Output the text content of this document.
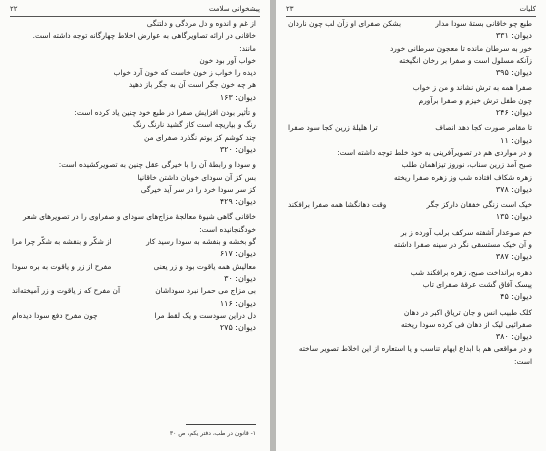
۲۲	پیشخوانی سلامت
از غم و اندوه و دل مردگی و دلتنگی
خاقانی در ارائه تصاویرگاهی به عوارض اخلاط چهارگانه توجه داشته است.
مانند:
خواب آور بود خون
دیده را خواب ز خون خاست که خون آرد خواب
هر چه خون جگر است آن به جگر باز دهید
دیوان: ۱۶۳
و تأثیر بودن افزایش صفرا در طبع خود چنین یاد کرده است:
رنگ و بیاریچه است کاز گشید نارنگ رنگ
چند کوشم کز بوتم نگذرد صفرای من
دیوان: ۳۲۰
و سودا و رابطهٔ آن را با خیرگی عقل چنین به تصویرکشیده است:
بس کز آن سودای خوبان داشتن خاقانیا
کز سر سودا خرد را در سر آید خیرگی
دیوان: ۴۲۹
خاقانی گاهی شیوهٔ معالجهٔ مزاج‌های سودای و صفراوی را در تصویرهای شعر
خودگنجانیده است:
گو بخشه و بنفشه به سودا رسید کار
از شکّر و بنفشه به شکّر چرا مرا
دیوان: ۶۱۷
معالیش همه یاقوت بود و زر یعنی
مفرح از زر و یاقوت به بره سودا
دیوان: ۳۰
بی مزاج می حمرا نبرد سوداشان
آن مفرح که ز یاقوت و زر آمیخته‌اند
دیوان: ۱۱۶
دل دراین سودست و یک لقط مرا
چون مفرح دفع سودا دیده‌ام
دیوان: ۲۷۵
۱- قانون در طب، دفتر یکم، ص ۳۰
۲۳	کلیات
طبع چو خاقانی بستهٔ سودا مدار
بشکن صفرای او زآن لب چون ناردان
دیوان: ۳۳۱
خور به سرطان مانده تا معجون سرطانی خورد
زآنکه مسلول است و صفرا بر رخان انگیخته
دیوان: ۳۹۵
صفرا همه به ترش نشاند و من ز خواب
چون طفل ترش خیزم و صفرا برآورم
دیوان: ۲۴۶
تا مقامر صورت کجا دهد انصاف
ترا هلیلهٔ زرین کجا سود صفرا
دیوان: ۱۱
و در مواردی هم در تصویرآفرینی به خود خلط توجه داشته است:
صبح آمد زرین سناب، نوروز تیزاهمان طلب
زهره شکاف افتاده شب وز زهره صفرا ریخته
دیوان: ۳۷۸
خیک است زنگی خفقان دارکز جگر
وقت دهانگشا همه صفرا برافکند
دیوان: ۱۳۵
خم صوعدار آشفته سرکف برلب آورده ز بر
و آن خیک مستسقی نگر در سینه صفرا داشته
دیوان: ۳۸۷
دهره برانداخت صبح، زهره برافکند شب
پیسک آفاق گشت عرقهٔ صفرای تاب
دیوان: ۴۵
کلک طبیب انس و جان تریاق اکبر در دهان
صفرائیی لیک از دهان فی کرده سودا ریخته
دیوان: ۳۸۰
و در مواقعی هم با ابداع ایهام تناسب و یا استعاره از این اخلاط تصویر ساخته
است:
